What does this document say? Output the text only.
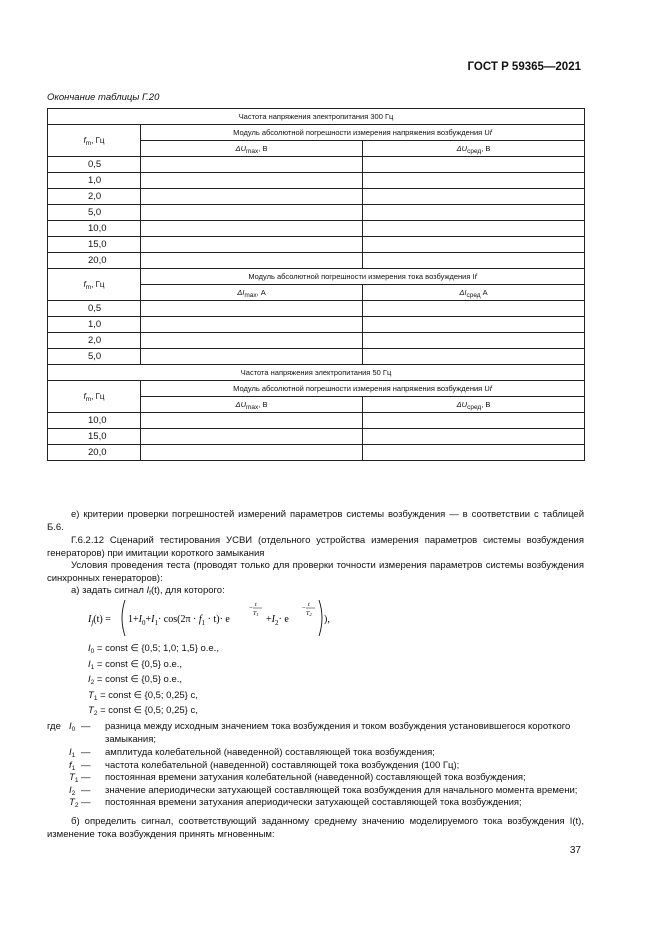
ГОСТ Р 59365—2021
Окончание таблицы Г.20
Частота напряжения электропитания 300 Гц		
$f_m$, Гц	Модуль абсолютной погрешности измерения напряжения возбуждения Uf	
	$\Delta U_{max}$, В	$\Delta U_{сред}$, В
0,5		
1,0		
2,0		
5,0		
10,0		
15,0		
20,0		
$f_m$, Гц	Модуль абсолютной погрешности измерения тока возбуждения If	
	$\Delta I_{max}$, А	$\Delta I_{сред}$ А
0,5		
1,0		
2,0		
5,0		
Частота напряжения электропитания 50 Гц		
$f_m$, Гц	Модуль абсолютной погрешности измерения напряжения возбуждения Uf	
	$\Delta U_{max}$, В	$\Delta U_{сред}$, В
10,0		
15,0		
20,0		

е) критерии проверки погрешностей измерений параметров системы возбуждения — в соответствии с таблицей Б.6.

Г.6.2.12 Сценарий тестирования УСВИ (отдельного устройства измерения параметров системы возбуждения генераторов) при имитации короткого замыкания

Условия проведения теста (проводят только для проверки точности измерения параметров системы возбуждения синхронных генераторов):

а) задать сигнал $I_f(t)$, для которого:

$I_f(t) = 1+I_0+I_1\cdot \cos(2\pi \cdot f_1 \cdot t)\cdot e$
− t
$T1 +I_2\cdot e$
− t
T2 ),
$I_0$ = const ∈ {0,5; 1,0; 1,5} о.е.,
$I_1$ = const ∈ {0,5} о.е.,
$I_2$ = const ∈ {0,5} о.е.,
$T_1$ = const ∈ {0,5; 0,25} с,
$T_2$ = const ∈ {0,5; 0,25} с,
где $I_0$ — разница между исходным значением тока возбуждения и током возбуждения установившегося короткого замыкания;
$I_1$ — амплитуда колебательной (наведенной) составляющей тока возбуждения;
$f_1$ — частота колебательной (наведенной) составляющей тока возбуждения (100 Гц);
$T_1$ — постоянная времени затухания колебательной (наведенной) составляющей тока возбуждения;
$I_2$ — значение апериодически затухающей составляющей тока возбуждения для начального момента времени;
$T_2$ — постоянная времени затухания апериодически затухающей составляющей тока возбуждения;

б) определить сигнал, соответствующий заданному среднему значению моделируемого тока возбуждения I(t), изменение тока возбуждения принять мгновенным:

37
